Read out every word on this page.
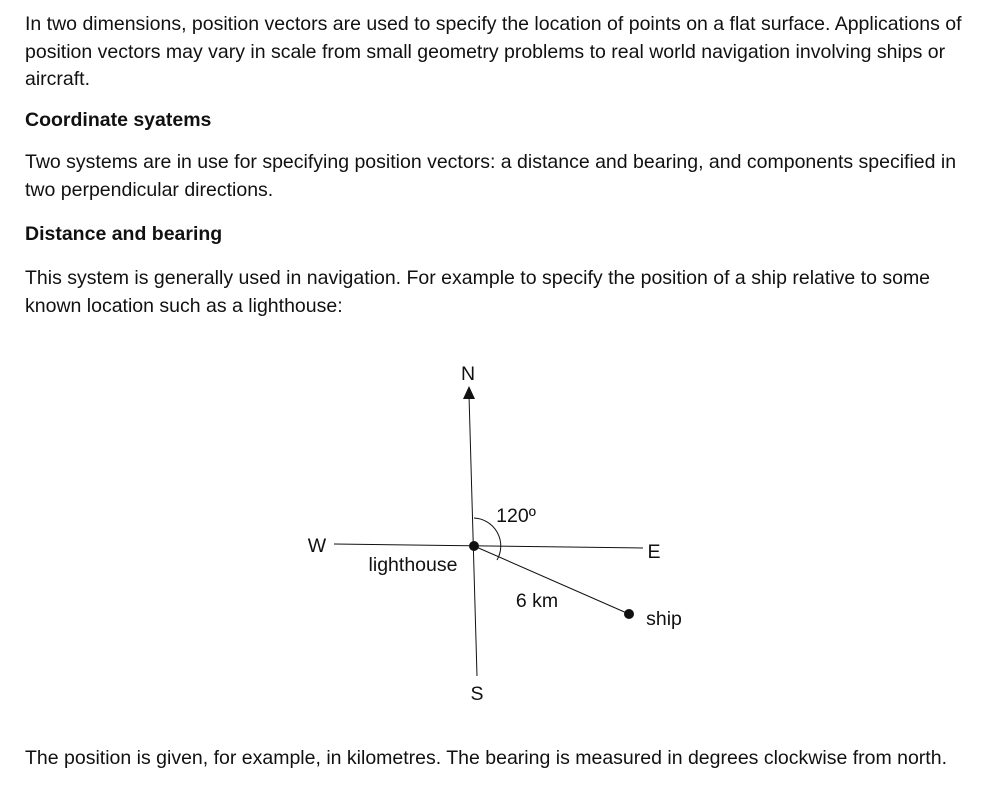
In two dimensions, position vectors are used to specify the location of points on a flat surface. Applications of position vectors may vary in scale from small geometry problems to real world navigation involving ships or aircraft.

Coordinate syatems

Two systems are in use for specifying position vectors: a distance and bearing, and components specified in two perpendicular directions.

Distance and bearing

This system is generally used in navigation. For example to specify the position of a ship relative to some known location such as a lighthouse:

N
S
W	E
120º
lighthouse
6 km
ship

The position is given, for example, in kilometres. The bearing is measured in degrees clockwise from north.
